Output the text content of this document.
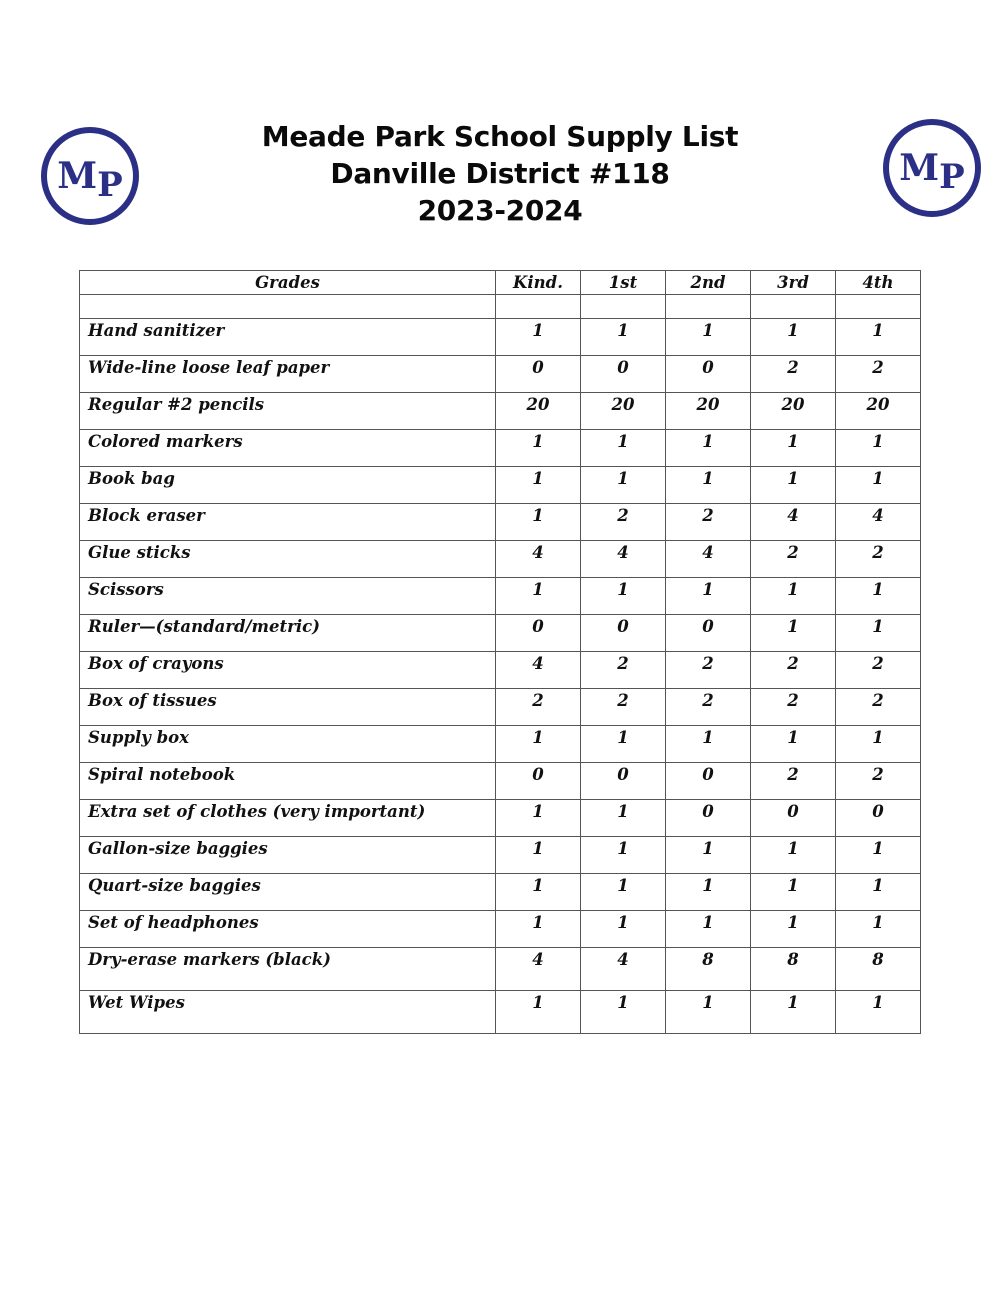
MP	MP
Meade Park School Supply List
Danville District #118
2023-2024
Grades	Kind.	1st	2nd	3rd	4th

Hand sanitizer	1	1	1	1	1
Wide-line loose leaf paper	0	0	0	2	2
Regular #2 pencils	20	20	20	20	20
Colored markers	1	1	1	1	1
Book bag	1	1	1	1	1
Block eraser	1	2	2	4	4
Glue sticks	4	4	4	2	2
Scissors	1	1	1	1	1
Ruler—(standard/metric)	0	0	0	1	1
Box of crayons	4	2	2	2	2
Box of tissues	2	2	2	2	2
Supply box	1	1	1	1	1
Spiral notebook	0	0	0	2	2
Extra set of clothes (very important)	1	1	0	0	0
Gallon-size baggies	1	1	1	1	1
Quart-size baggies	1	1	1	1	1
Set of headphones	1	1	1	1	1
Dry-erase markers (black)	4	4	8	8	8
Wet Wipes	1	1	1	1	1
